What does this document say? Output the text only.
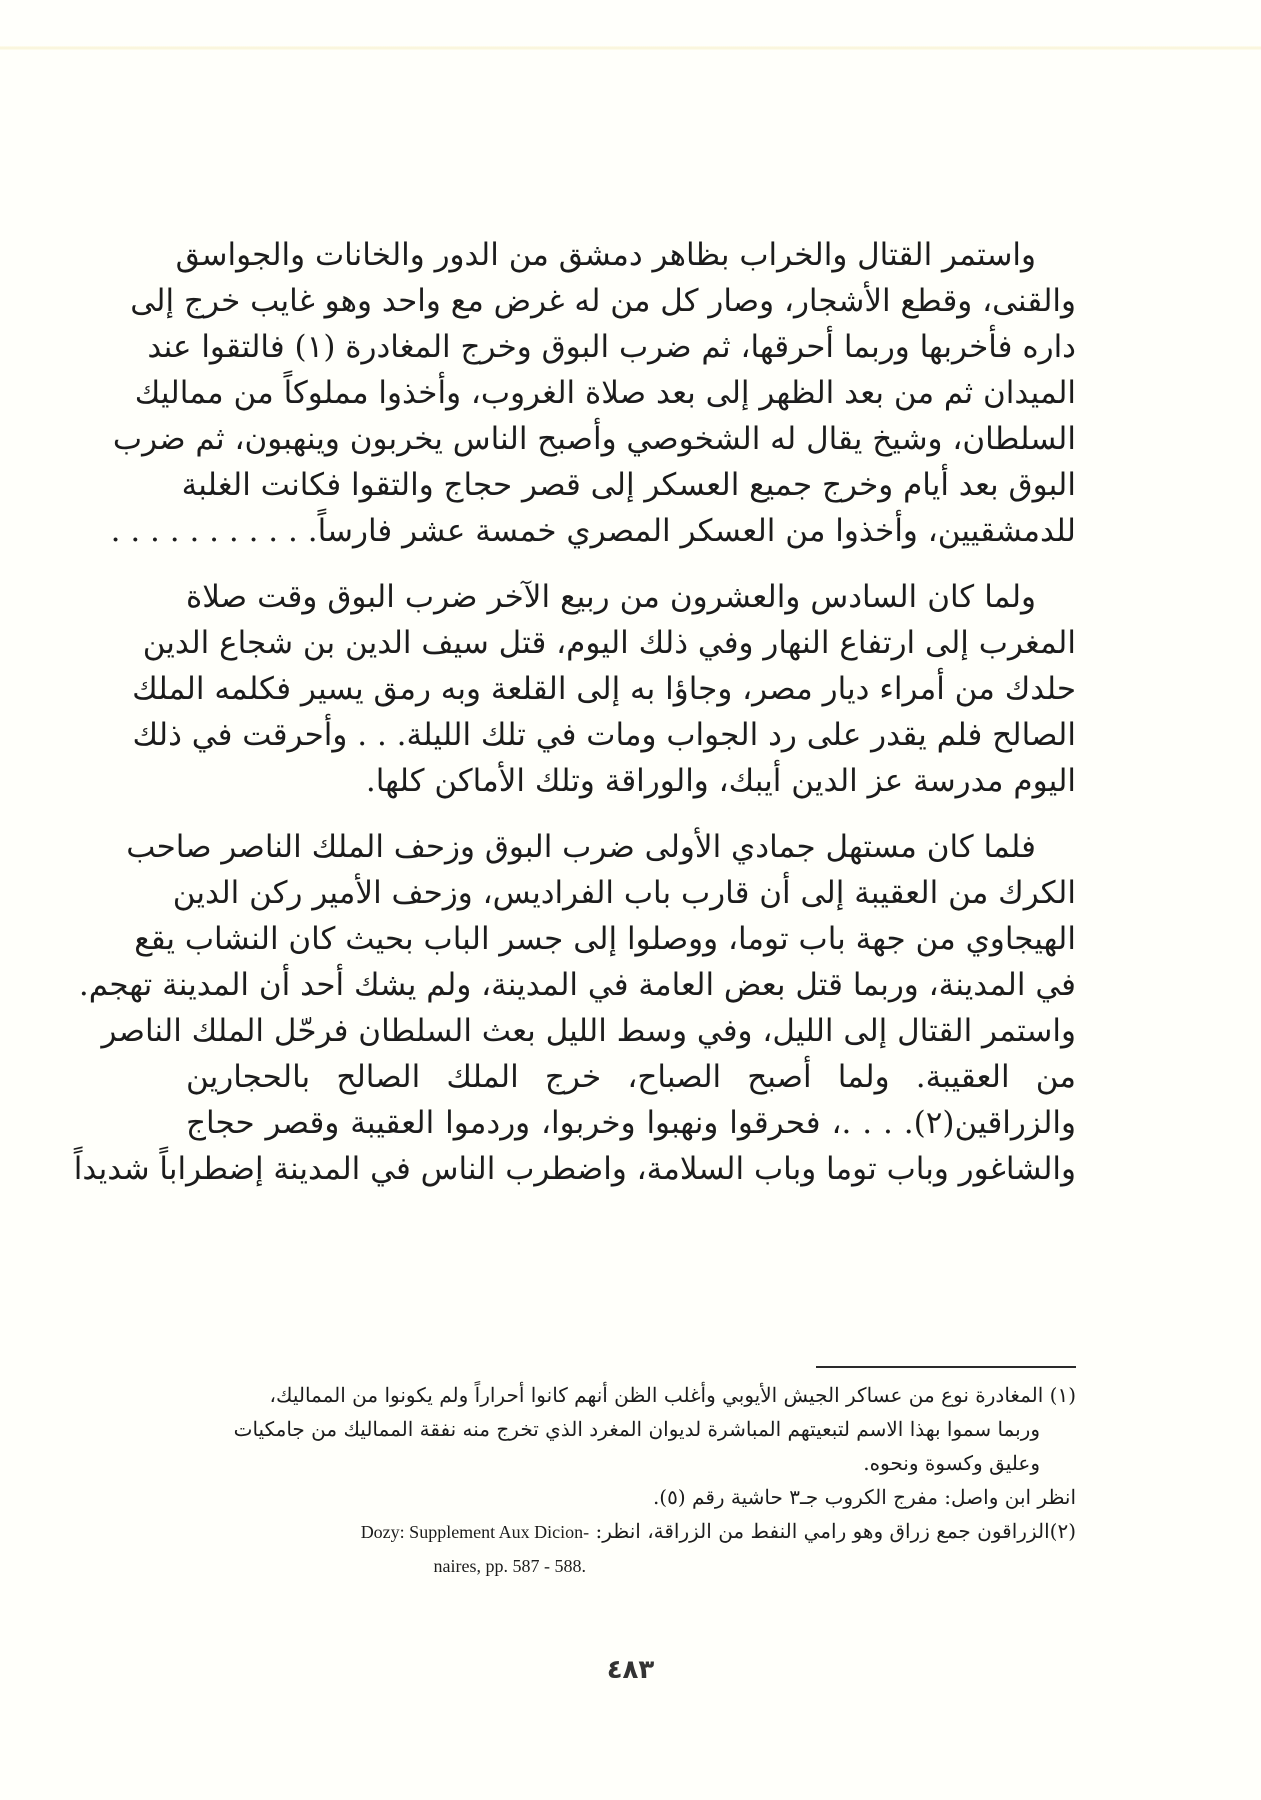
واستمر القتال والخراب بظاهر دمشق من الدور والخانات والجواسق
والقنى، وقطع الأشجار، وصار كل من له غرض مع واحد وهو غايب خرج إلى
داره فأخربها وربما أحرقها، ثم ضرب البوق وخرج المغادرة (١) فالتقوا عند
الميدان ثم من بعد الظهر إلى بعد صلاة الغروب، وأخذوا مملوكاً من مماليك
السلطان، وشيخ يقال له الشخوصي وأصبح الناس يخربون وينهبون، ثم ضرب
البوق بعد أيام وخرج جميع العسكر إلى قصر حجاج والتقوا فكانت الغلبة
للدمشقيين، وأخذوا من العسكر المصري خمسة عشر فارساً. . . . . . . . . . .
ولما كان السادس والعشرون من ربيع الآخر ضرب البوق وقت صلاة
المغرب إلى ارتفاع النهار وفي ذلك اليوم، قتل سيف الدين بن شجاع الدين
حلدك من أمراء ديار مصر، وجاؤا به إلى القلعة وبه رمق يسير فكلمه الملك
الصالح فلم يقدر على رد الجواب ومات في تلك الليلة. . . وأحرقت في ذلك
اليوم مدرسة عز الدين أيبك، والوراقة وتلك الأماكن كلها.
فلما كان مستهل جمادي الأولى ضرب البوق وزحف الملك الناصر صاحب
الكرك من العقيبة إلى أن قارب باب الفراديس، وزحف الأمير ركن الدين
الهيجاوي من جهة باب توما، ووصلوا إلى جسر الباب بحيث كان النشاب يقع
في المدينة، وربما قتل بعض العامة في المدينة، ولم يشك أحد أن المدينة تهجم.
واستمر القتال إلى الليل، وفي وسط الليل بعث السلطان فرحّل الملك الناصر
من العقيبة. ولما أصبح الصباح، خرج الملك الصالح بالحجارين
والزراقين(٢). . . .، فحرقوا ونهبوا وخربوا، وردموا العقيبة وقصر حجاج
والشاغور وباب توما وباب السلامة، واضطرب الناس في المدينة إضطراباً شديداً
(١) المغادرة نوع من عساكر الجيش الأيوبي وأغلب الظن أنهم كانوا أحراراً ولم يكونوا من المماليك،
وربما سموا بهذا الاسم لتبعيتهم المباشرة لديوان المغرد الذي تخرج منه نفقة المماليك من جامكيات
وعليق وكسوة ونحوه.
انظر ابن واصل: مفرج الكروب جـ٣ حاشية رقم (٥).
(٢)الزراقون جمع زراق وهو رامي النفط من الزراقة، انظر: Dozy: Supplement Aux Dicion-
naires, pp. 587 - 588.
٤٨٣
